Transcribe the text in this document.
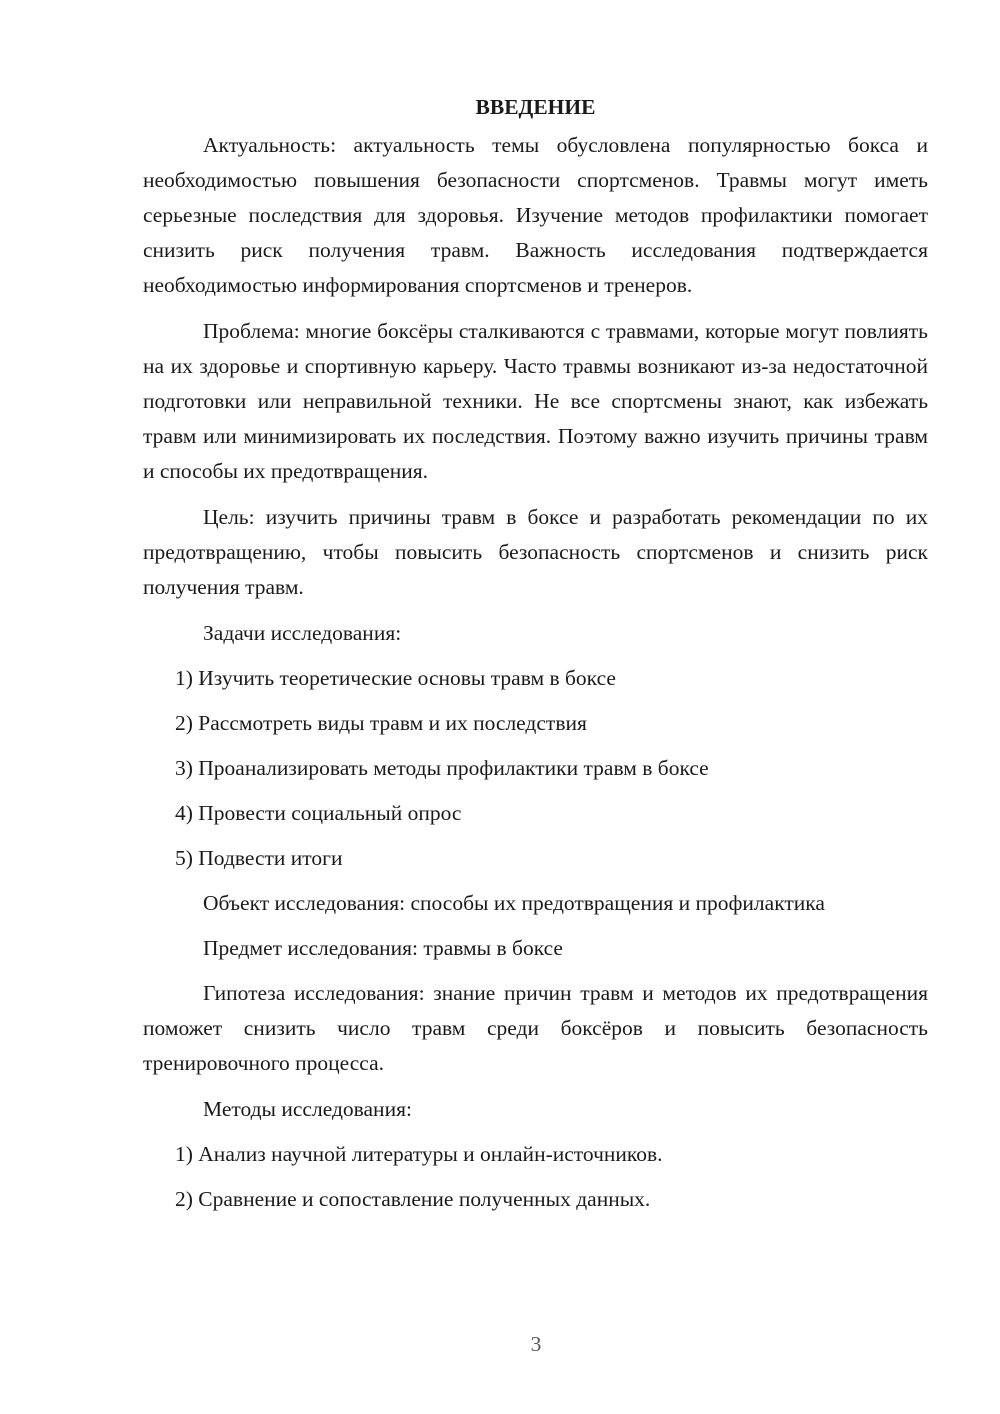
ВВЕДЕНИЕ
Актуальность: актуальность темы обусловлена популярностью бокса и необходимостью повышения безопасности спортсменов. Травмы могут иметь серьезные последствия для здоровья. Изучение методов профилактики помогает снизить риск получения травм. Важность исследования подтверждается необходимостью информирования спортсменов и тренеров.
Проблема: многие боксёры сталкиваются с травмами, которые могут повлиять на их здоровье и спортивную карьеру. Часто травмы возникают из-за недостаточной подготовки или неправильной техники. Не все спортсмены знают, как избежать травм или минимизировать их последствия. Поэтому важно изучить причины травм и способы их предотвращения.
Цель: изучить причины травм в боксе и разработать рекомендации по их предотвращению, чтобы повысить безопасность спортсменов и снизить риск получения травм.
Задачи исследования:
1) Изучить теоретические основы травм в боксе
2) Рассмотреть виды травм и их последствия
3) Проанализировать методы профилактики травм в боксе
4) Провести социальный опрос
5) Подвести итоги
Объект исследования: способы их предотвращения и профилактика
Предмет исследования: травмы в боксе
Гипотеза исследования: знание причин травм и методов их предотвращения поможет снизить число травм среди боксёров и повысить безопасность тренировочного процесса.
Методы исследования:
1) Анализ научной литературы и онлайн-источников.
2) Сравнение и сопоставление полученных данных.
3
